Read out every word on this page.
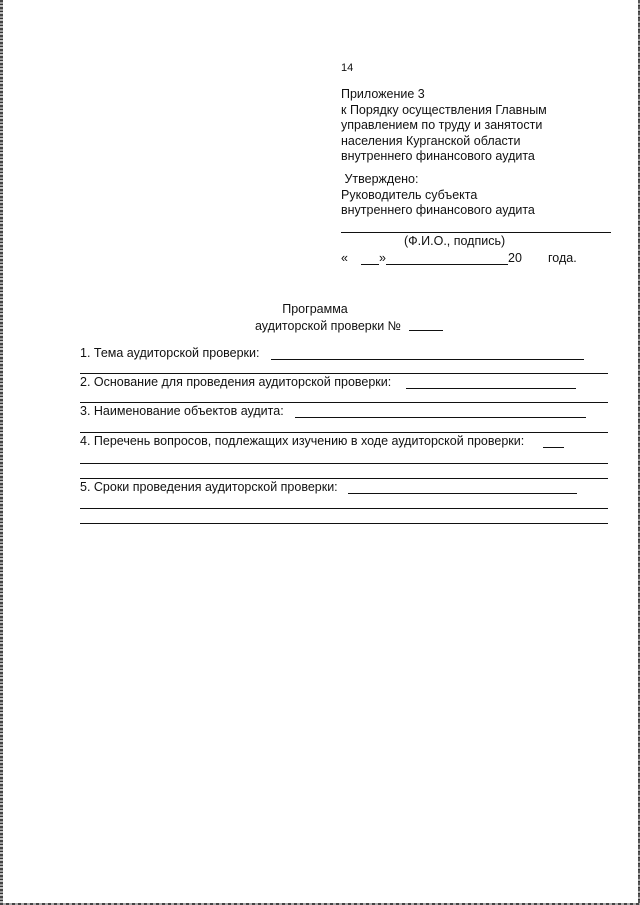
14
Приложение 3
к Порядку осуществления Главным
управлением по труду и занятости
населения Курганской области
внутреннего финансового аудита
Утверждено:
Руководитель субъекта
внутреннего финансового аудита
(Ф.И.О., подпись)
« »	20 года.
Программа
аудиторской проверки №
1. Тема аудиторской проверки:
2. Основание для проведения аудиторской проверки:
3. Наименование объектов аудита:
4. Перечень вопросов, подлежащих изучению в ходе аудиторской проверки:
5. Сроки проведения аудиторской проверки:
